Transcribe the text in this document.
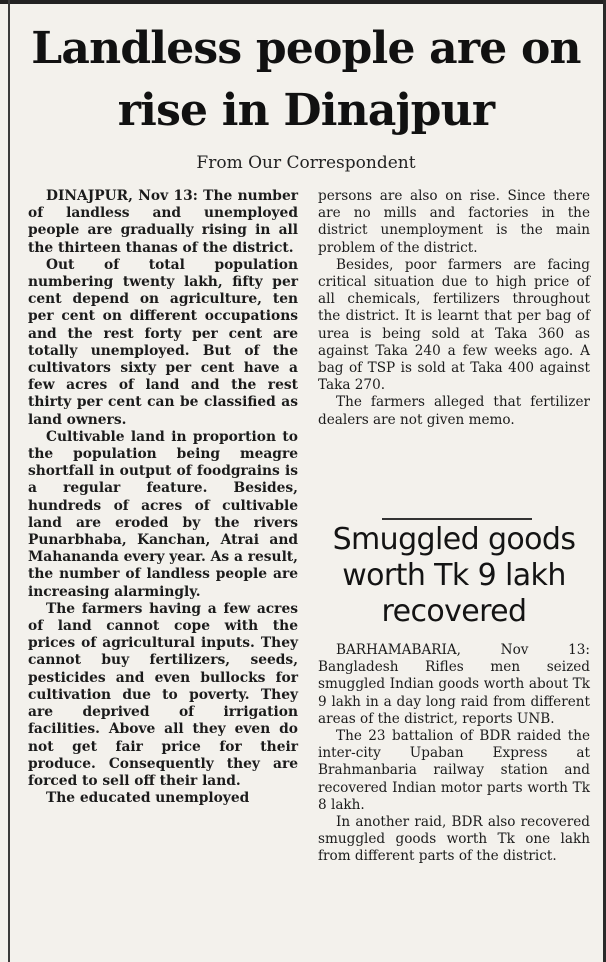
Landless people are on rise in Dinajpur
From Our Correspondent

DINAJPUR, Nov 13: The number of landless and unemployed people are gradually rising in all the thirteen thanas of the district.

Out of total population numbering twenty lakh, fifty per cent depend on agriculture, ten per cent on different occupations and the rest forty per cent are totally unemployed. But of the cultivators sixty per cent have a few acres of land and the rest thirty per cent can be classified as land owners.

Cultivable land in proportion to the population being meagre shortfall in output of foodgrains is a regular feature. Besides, hundreds of acres of cultivable land are eroded by the rivers Punarbhaba, Kanchan, Atrai and Mahananda every year. As a result, the number of landless people are increasing alarmingly.

The farmers having a few acres of land cannot cope with the prices of agricultural inputs. They cannot buy fertilizers, seeds, pesticides and even bullocks for cultivation due to poverty. They are deprived of irrigation facilities. Above all they even do not get fair price for their produce. Consequently they are forced to sell off their land.

The educated unemployed

persons are also on rise. Since there are no mills and factories in the district unemployment is the main problem of the district.

Besides, poor farmers are facing critical situation due to high price of all chemicals, fertilizers throughout the district. It is learnt that per bag of urea is being sold at Taka 360 as against Taka 240 a few weeks ago. A bag of TSP is sold at Taka 400 against Taka 270.

The farmers alleged that fertilizer dealers are not given memo.

Smuggled goods worth Tk 9 lakh recovered

BARHAMABARIA, Nov 13: Bangladesh Rifles men seized smuggled Indian goods worth about Tk 9 lakh in a day long raid from different areas of the district, reports UNB.

The 23 battalion of BDR raided the inter-city Upaban Express at Brahmanbaria railway station and recovered Indian motor parts worth Tk 8 lakh.

In another raid, BDR also recovered smuggled goods worth Tk one lakh from different parts of the district.
